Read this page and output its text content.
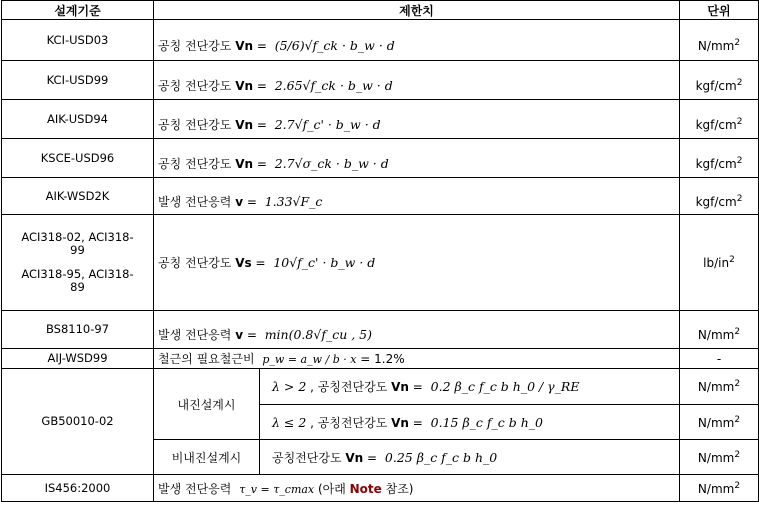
설계기준	제한치		단위
KCI-USD03	공칭 전단강도 Vn = (5/6)√f_ck · b_w · d		$N/mm^2$
KCI-USD99	공칭 전단강도 Vn = 2.65√f_ck · b_w · d		kgf/$cm^2$
AIK-USD94	공칭 전단강도 Vn = 2.7√f_c' · b_w · d		kgf/$cm^2$
KSCE-USD96	공칭 전단강도 Vn = 2.7√σ_ck · b_w · d		kgf/$cm^2$
AIK-WSD2K	발생 전단응력 v = 1.33√F_c		kgf/$cm^2$

ACI318-02, ACI318-
99
ACI318-95, ACI318-
89	공칭 전단강도 Vs = 10√f_c' · b_w · d		$lb/in^2$
BS8110-97	발생 전단응력 v = min(0.8√f_cu , 5)		$N/mm^2$
AIJ-WSD99	철근의 필요철근비 p_w = a_w / b · x = 1.2%		-
GB50010-02	내진설계시	λ > 2 , 공칭전단강도 Vn = 0.2 β_c f_c b h_0 / γ_RE	$N/mm^2$
		λ ≤ 2 , 공칭전단강도 Vn = 0.15 β_c f_c b h_0	$N/mm^2$
	비내진설계시	공칭전단강도 Vn = 0.25 β_c f_c b h_0	$N/mm^2$
IS456:2000	발생 전단응력 τ_v = τ_cmax (아래 Note 참조)		$N/mm^2$
